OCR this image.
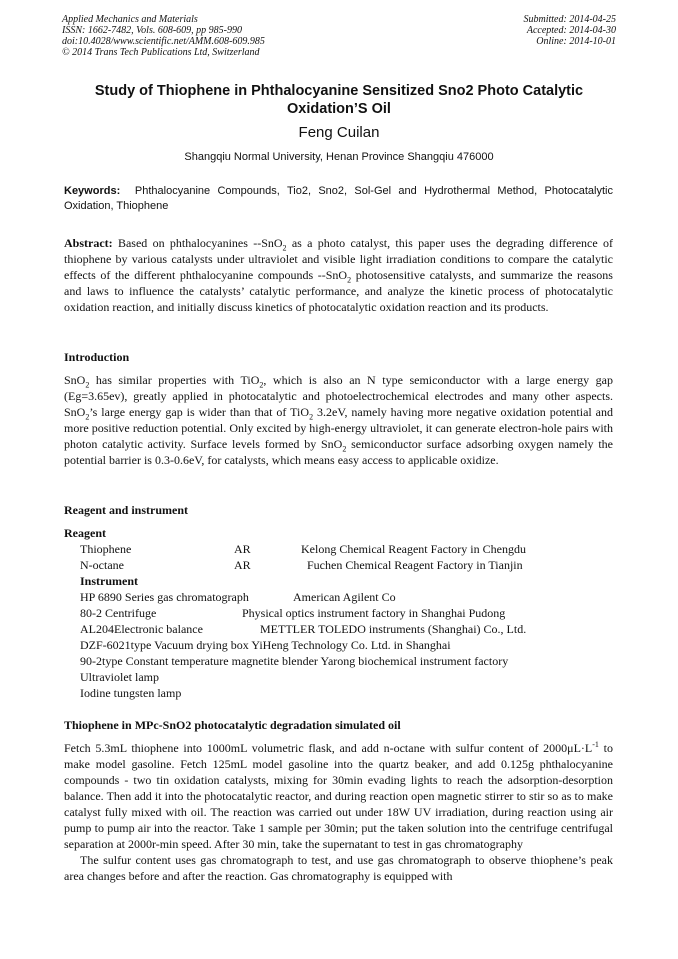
Applied Mechanics and Materials
ISSN: 1662-7482, Vols. 608-609, pp 985-990
doi:10.4028/www.scientific.net/AMM.608-609.985
© 2014 Trans Tech Publications Ltd, Switzerland
Submitted: 2014-04-25
Accepted: 2014-04-30
Online: 2014-10-01
Study of Thiophene in Phthalocyanine Sensitized Sno2 Photo Catalytic
Oxidation’S Oil
Feng Cuilan
Shangqiu Normal University, Henan Province Shangqiu 476000
Keywords: Phthalocyanine Compounds, Tio2, Sno2, Sol-Gel and Hydrothermal Method, Photocatalytic Oxidation, Thiophene
Abstract: Based on phthalocyanines --SnO$_2$ as a photo catalyst, this paper uses the degrading difference of thiophene by various catalysts under ultraviolet and visible light irradiation conditions to compare the catalytic effects of the different phthalocyanine compounds --SnO$_2$ photosensitive catalysts, and summarize the reasons and laws to influence the catalysts’ catalytic performance, and analyze the kinetic process of photocatalytic oxidation reaction, and initially discuss kinetics of photocatalytic oxidation reaction and its products.
Introduction
SnO$_2$ has similar properties with TiO$_2$, which is also an N type semiconductor with a large energy gap (Eg=3.65ev), greatly applied in photocatalytic and photoelectrochemical electrodes and many other aspects. SnO$_2$’s large energy gap is wider than that of TiO$_2$ 3.2eV, namely having more negative oxidation potential and more positive reduction potential. Only excited by high-energy ultraviolet, it can generate electron-hole pairs with photon catalytic activity. Surface levels formed by SnO$_2$ semiconductor surface adsorbing oxygen namely the potential barrier is 0.3-0.6eV, for catalysts, which means easy access to applicable oxidize.
Reagent and instrument
Reagent
Thiophene	AR	Kelong Chemical Reagent Factory in Chengdu
N-octane	AR	Fuchen Chemical Reagent Factory in Tianjin
Instrument
HP 6890 Series gas chromatograph	American Agilent Co
80-2 Centrifuge	Physical optics instrument factory in Shanghai Pudong
AL204Electronic balance	METTLER TOLEDO instruments (Shanghai) Co., Ltd.
DZF-6021type Vacuum drying box YiHeng Technology Co. Ltd. in Shanghai
90-2type Constant temperature magnetite blender Yarong biochemical instrument factory
Ultraviolet lamp
Iodine tungsten lamp
Thiophene in MPc-SnO2 photocatalytic degradation simulated oil
Fetch 5.3mL thiophene into 1000mL volumetric flask, and add n-octane with sulfur content of $2000\mu L\cdot L^{-1}$ to make model gasoline. Fetch 125mL model gasoline into the quartz beaker, and add 0.125g phthalocyanine compounds - two tin oxidation catalysts, mixing for 30min evading lights to reach the adsorption-desorption balance. Then add it into the photocatalytic reactor, and during reaction open magnetic stirrer to stir so as to make catalyst fully mixed with oil. The reaction was carried out under 18W UV irradiation, during reaction using air pump to pump air into the reactor. Take 1 sample per 30min; put the taken solution into the centrifuge centrifugal separation at 2000r-min speed. After 30 min, take the supernatant to test in gas chromatography
The sulfur content uses gas chromatograph to test, and use gas chromatograph to observe thiophene’s peak area changes before and after the reaction. Gas chromatography is equipped with
